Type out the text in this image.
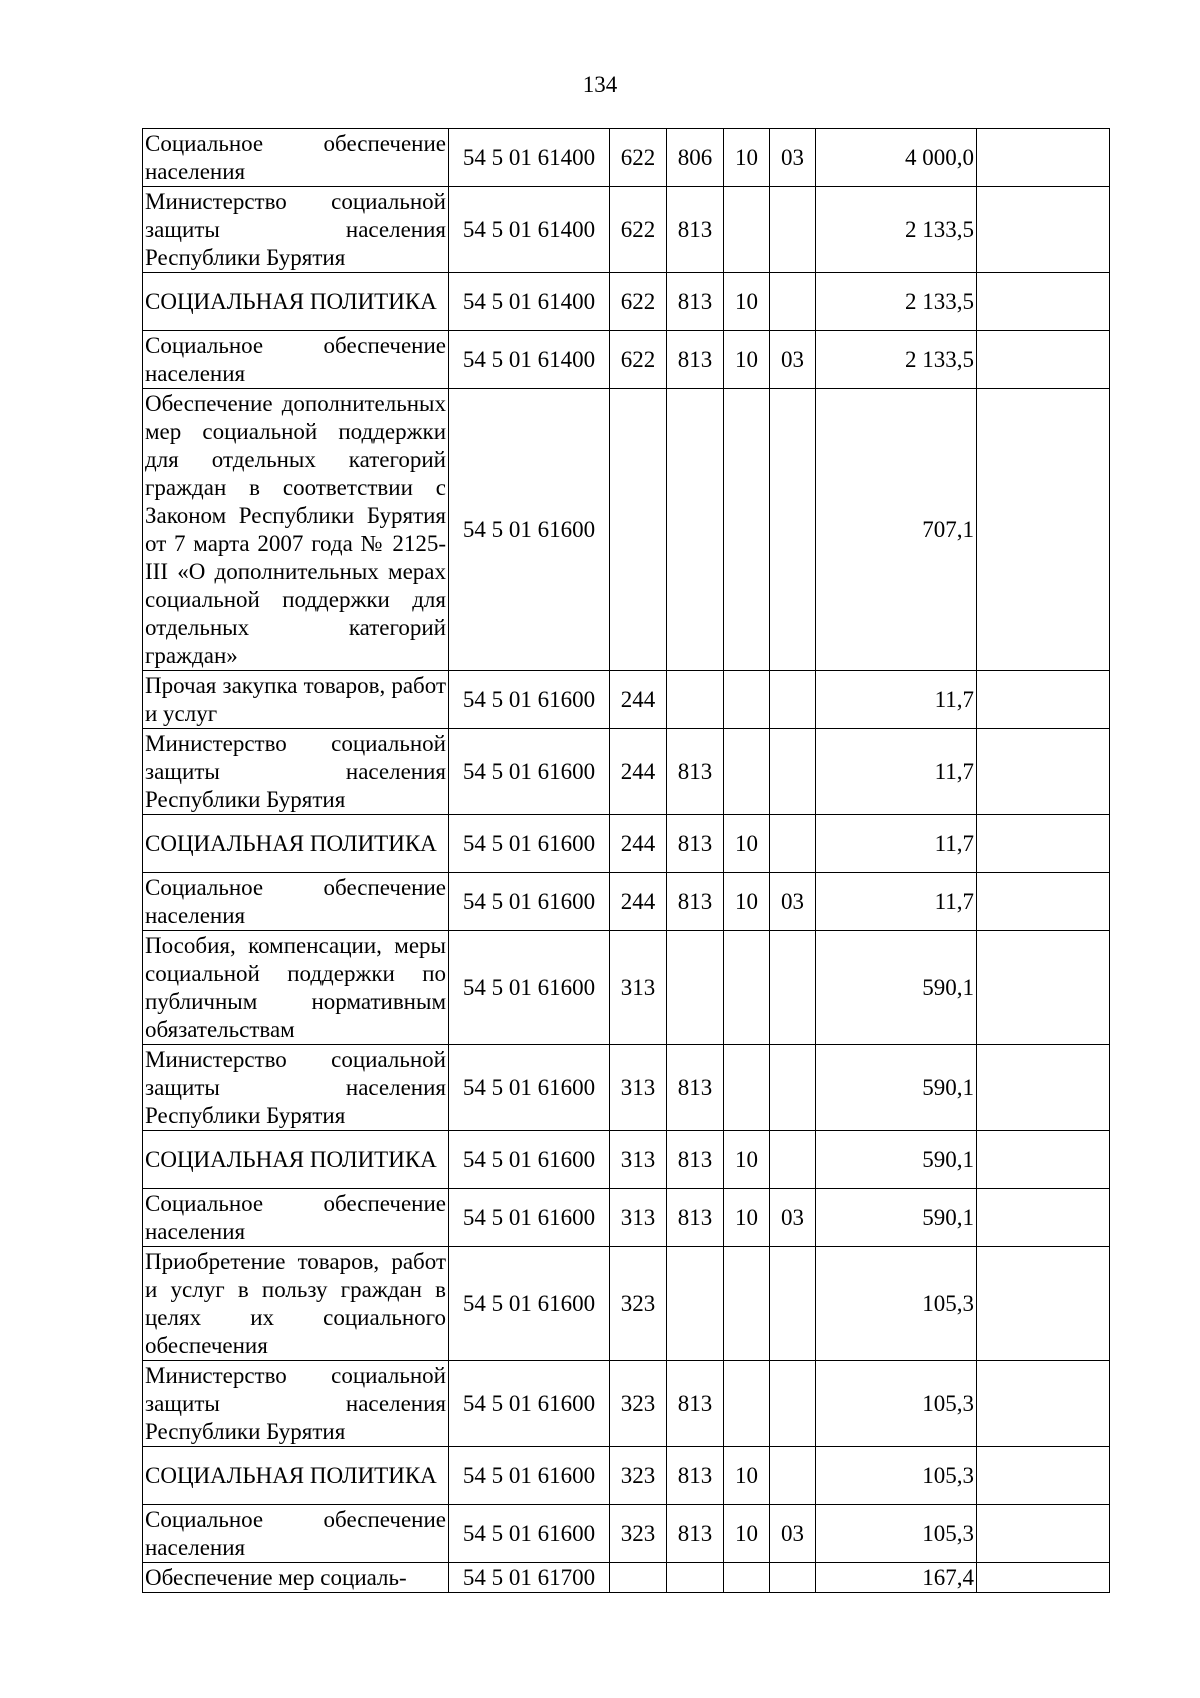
134
Социальное обеспечение населения	54 5 01 61400	622	806	10	03	4 000,0	
Министерство социальной защиты населения Республики Бурятия	54 5 01 61400	622	813			2 133,5	
СОЦИАЛЬНАЯ ПОЛИТИКА	54 5 01 61400	622	813	10		2 133,5	
Социальное обеспечение населения	54 5 01 61400	622	813	10	03	2 133,5	
Обеспечение дополнительных мер социальной поддержки для отдельных категорий граждан в соответствии с Законом Республики Бурятия от 7 марта 2007 года № 2125-III «О дополнительных мерах социальной поддержки для отдельных категорий граждан»	54 5 01 61600					707,1	
Прочая закупка товаров, работ и услуг	54 5 01 61600	244				11,7	
Министерство социальной защиты населения Республики Бурятия	54 5 01 61600	244	813			11,7	
СОЦИАЛЬНАЯ ПОЛИТИКА	54 5 01 61600	244	813	10		11,7	
Социальное обеспечение населения	54 5 01 61600	244	813	10	03	11,7	
Пособия, компенсации, меры социальной поддержки по публичным нормативным обязательствам	54 5 01 61600	313				590,1	
Министерство социальной защиты населения Республики Бурятия	54 5 01 61600	313	813			590,1	
СОЦИАЛЬНАЯ ПОЛИТИКА	54 5 01 61600	313	813	10		590,1	
Социальное обеспечение населения	54 5 01 61600	313	813	10	03	590,1	
Приобретение товаров, работ и услуг в пользу граждан в целях их социального обеспечения	54 5 01 61600	323				105,3	
Министерство социальной защиты населения Республики Бурятия	54 5 01 61600	323	813			105,3	
СОЦИАЛЬНАЯ ПОЛИТИКА	54 5 01 61600	323	813	10		105,3	
Социальное обеспечение населения	54 5 01 61600	323	813	10	03	105,3	
Обеспечение мер социаль-	54 5 01 61700					167,4	
